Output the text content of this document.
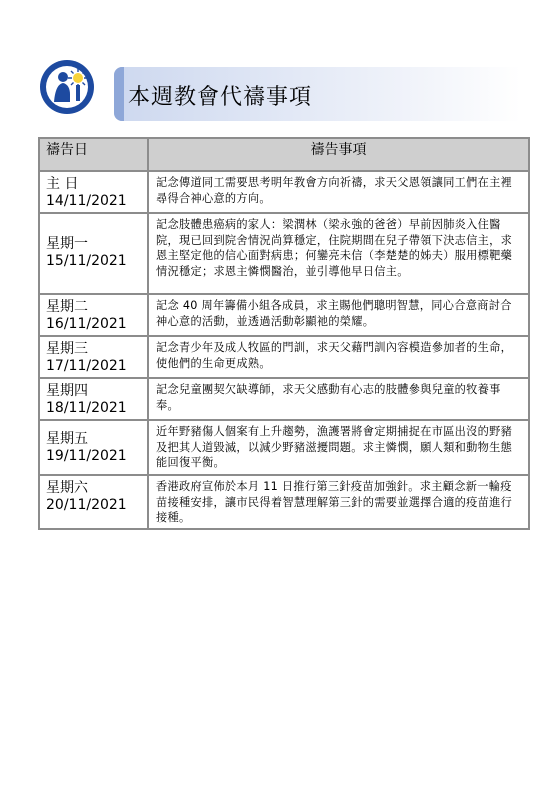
本週教會代禱事項
禱告日	禱告事項

主 日
14/11/2021	記念傳道同工需要思考明年教會方向祈禱，求天父恩領讓同工們在主裡尋得合神心意的方向。

星期一
15/11/2021	記念肢體患癌病的家人：梁潤林（梁永強的爸爸）早前因肺炎入住醫院，現已回到院舍情況尚算穩定，住院期間在兒子帶領下決志信主，求恩主堅定他的信心面對病患；何鑾亮未信（李楚楚的姊夫）服用標靶藥情況穩定；求恩主憐憫醫治，並引導他早日信主。

星期二
16/11/2021	記念 40 周年籌備小組各成員，求主賜他們聰明智慧，同心合意商討合神心意的活動，並透過活動彰顯祂的榮耀。

星期三
17/11/2021	記念青少年及成人牧區的門訓，求天父藉門訓內容模造參加者的生命，使他們的生命更成熟。

星期四
18/11/2021	記念兒童團契欠缺導師，求天父感動有心志的肢體參與兒童的牧養事奉。

星期五
19/11/2021	近年野豬傷人個案有上升趨勢，漁護署將會定期捕捉在市區出沒的野豬及把其人道毀滅，以減少野豬滋擾問題。求主憐憫，願人類和動物生態能回復平衡。

星期六
20/11/2021	香港政府宣佈於本月 11 日推行第三針疫苗加強針。求主顧念新一輪疫苗接種安排，讓市民得着智慧理解第三針的需要並選擇合適的疫苗進行接種。
